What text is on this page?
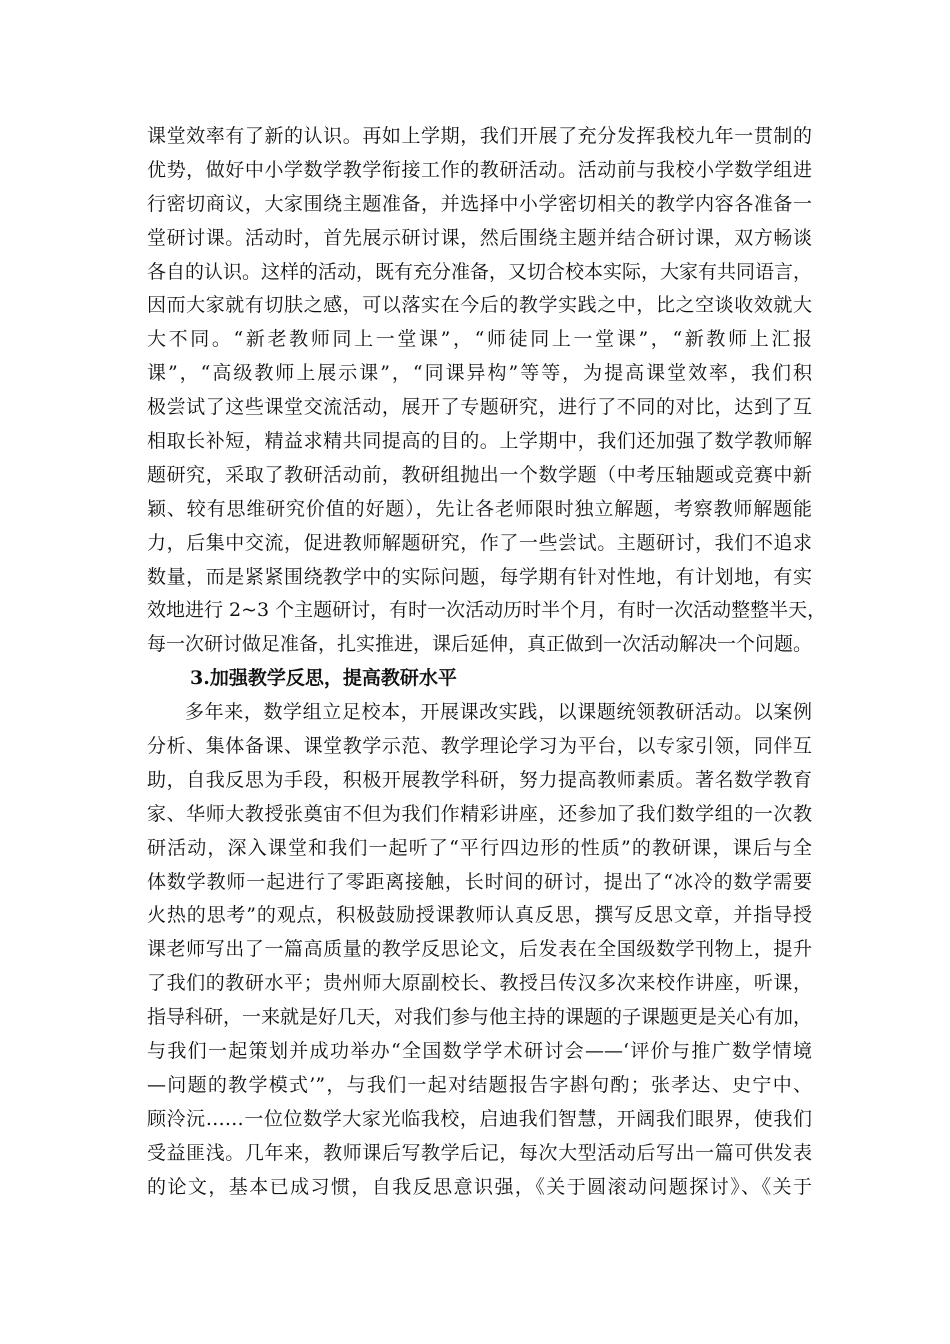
课堂效率有了新的认识。再如上学期，我们开展了充分发挥我校九年一贯制的
优势，做好中小学数学教学衔接工作的教研活动。活动前与我校小学数学组进
行密切商议，大家围绕主题准备，并选择中小学密切相关的教学内容各准备一
堂研讨课。活动时，首先展示研讨课，然后围绕主题并结合研讨课，双方畅谈
各自的认识。这样的活动，既有充分准备，又切合校本实际，大家有共同语言，
因而大家就有切肤之感，可以落实在今后的教学实践之中，比之空谈收效就大
大不同。“新老教师同上一堂课”，“师徒同上一堂课”，“新教师上汇报
课”，“高级教师上展示课”，“同课异构”等等，为提高课堂效率，我们积
极尝试了这些课堂交流活动，展开了专题研究，进行了不同的对比，达到了互
相取长补短，精益求精共同提高的目的。上学期中，我们还加强了数学教师解
题研究，采取了教研活动前，教研组抛出一个数学题（中考压轴题或竞赛中新
颖、较有思维研究价值的好题），先让各老师限时独立解题，考察教师解题能
力，后集中交流，促进教师解题研究，作了一些尝试。主题研讨，我们不追求
数量，而是紧紧围绕教学中的实际问题，每学期有针对性地，有计划地，有实
效地进行 2~3 个主题研讨，有时一次活动历时半个月，有时一次活动整整半天，
每一次研讨做足准备，扎实推进，课后延伸，真正做到一次活动解决一个问题。
3.加强教学反思，提高教研水平
多年来，数学组立足校本，开展课改实践，以课题统领教研活动。以案例
分析、集体备课、课堂教学示范、教学理论学习为平台，以专家引领，同伴互
助，自我反思为手段，积极开展教学科研，努力提高教师素质。著名数学教育
家、华师大教授张奠宙不但为我们作精彩讲座，还参加了我们数学组的一次教
研活动，深入课堂和我们一起听了“平行四边形的性质”的教研课，课后与全
体数学教师一起进行了零距离接触，长时间的研讨，提出了“冰冷的数学需要
火热的思考”的观点，积极鼓励授课教师认真反思，撰写反思文章，并指导授
课老师写出了一篇高质量的教学反思论文，后发表在全国级数学刊物上，提升
了我们的教研水平；贵州师大原副校长、教授吕传汉多次来校作讲座，听课，
指导科研，一来就是好几天，对我们参与他主持的课题的子课题更是关心有加，
与我们一起策划并成功举办“全国数学学术研讨会——‘评价与推广数学情境
—问题的教学模式’”，与我们一起对结题报告字斟句酌；张孝达、史宁中、
顾泠沅……一位位数学大家光临我校，启迪我们智慧，开阔我们眼界，使我们
受益匪浅。几年来，教师课后写教学后记，每次大型活动后写出一篇可供发表
的论文，基本已成习惯，自我反思意识强，《关于圆滚动问题探讨》、《关于
